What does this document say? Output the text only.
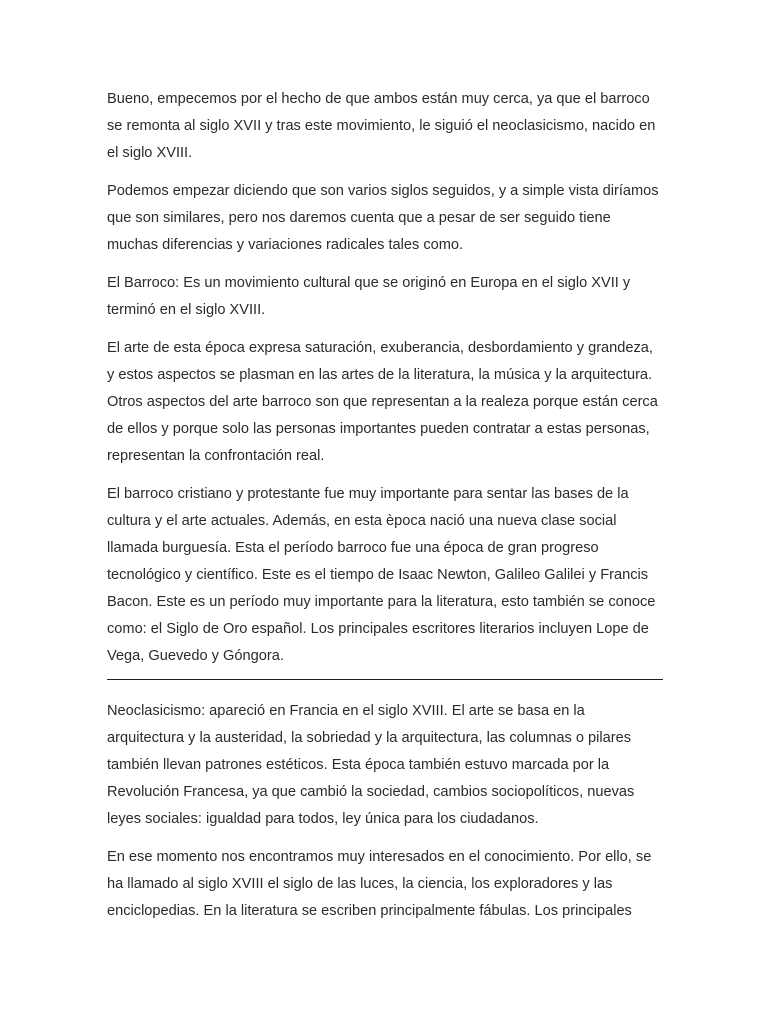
Bueno, empecemos por el hecho de que ambos están muy cerca, ya que el barroco se remonta al siglo XVII y tras este movimiento, le siguió el neoclasicismo, nacido en el siglo XVIII.

Podemos empezar diciendo que son varios siglos seguidos, y a simple vista diríamos que son similares, pero nos daremos cuenta que a pesar de ser seguido tiene muchas diferencias y variaciones radicales tales como.

El Barroco: Es un movimiento cultural que se originó en Europa en el siglo XVII y terminó en el siglo XVIII.

El arte de esta época expresa saturación, exuberancia, desbordamiento y grandeza, y estos aspectos se plasman en las artes de la literatura, la música y la arquitectura. Otros aspectos del arte barroco son que representan a la realeza porque están cerca de ellos y porque solo las personas importantes pueden contratar a estas personas, representan la confrontación real.

El barroco cristiano y protestante fue muy importante para sentar las bases de la cultura y el arte actuales. Además, en esta època nació una nueva clase social llamada burguesía. Esta el período barroco fue una época de gran progreso tecnológico y científico. Este es el tiempo de Isaac Newton, Galileo Galilei y Francis Bacon. Este es un período muy importante para la literatura, esto también se conoce como: el Siglo de Oro español. Los principales escritores literarios incluyen Lope de Vega, Guevedo y Góngora.

Neoclasicismo: apareció en Francia en el siglo XVIII. El arte se basa en la arquitectura y la austeridad, la sobriedad y la arquitectura, las columnas o pilares también llevan patrones estéticos. Esta época también estuvo marcada por la Revolución Francesa, ya que cambió la sociedad, cambios sociopolíticos, nuevas leyes sociales: igualdad para todos, ley única para los ciudadanos.

En ese momento nos encontramos muy interesados en el conocimiento. Por ello, se ha llamado al siglo XVIII el siglo de las luces, la ciencia, los exploradores y las enciclopedias. En la literatura se escriben principalmente fábulas. Los principales
